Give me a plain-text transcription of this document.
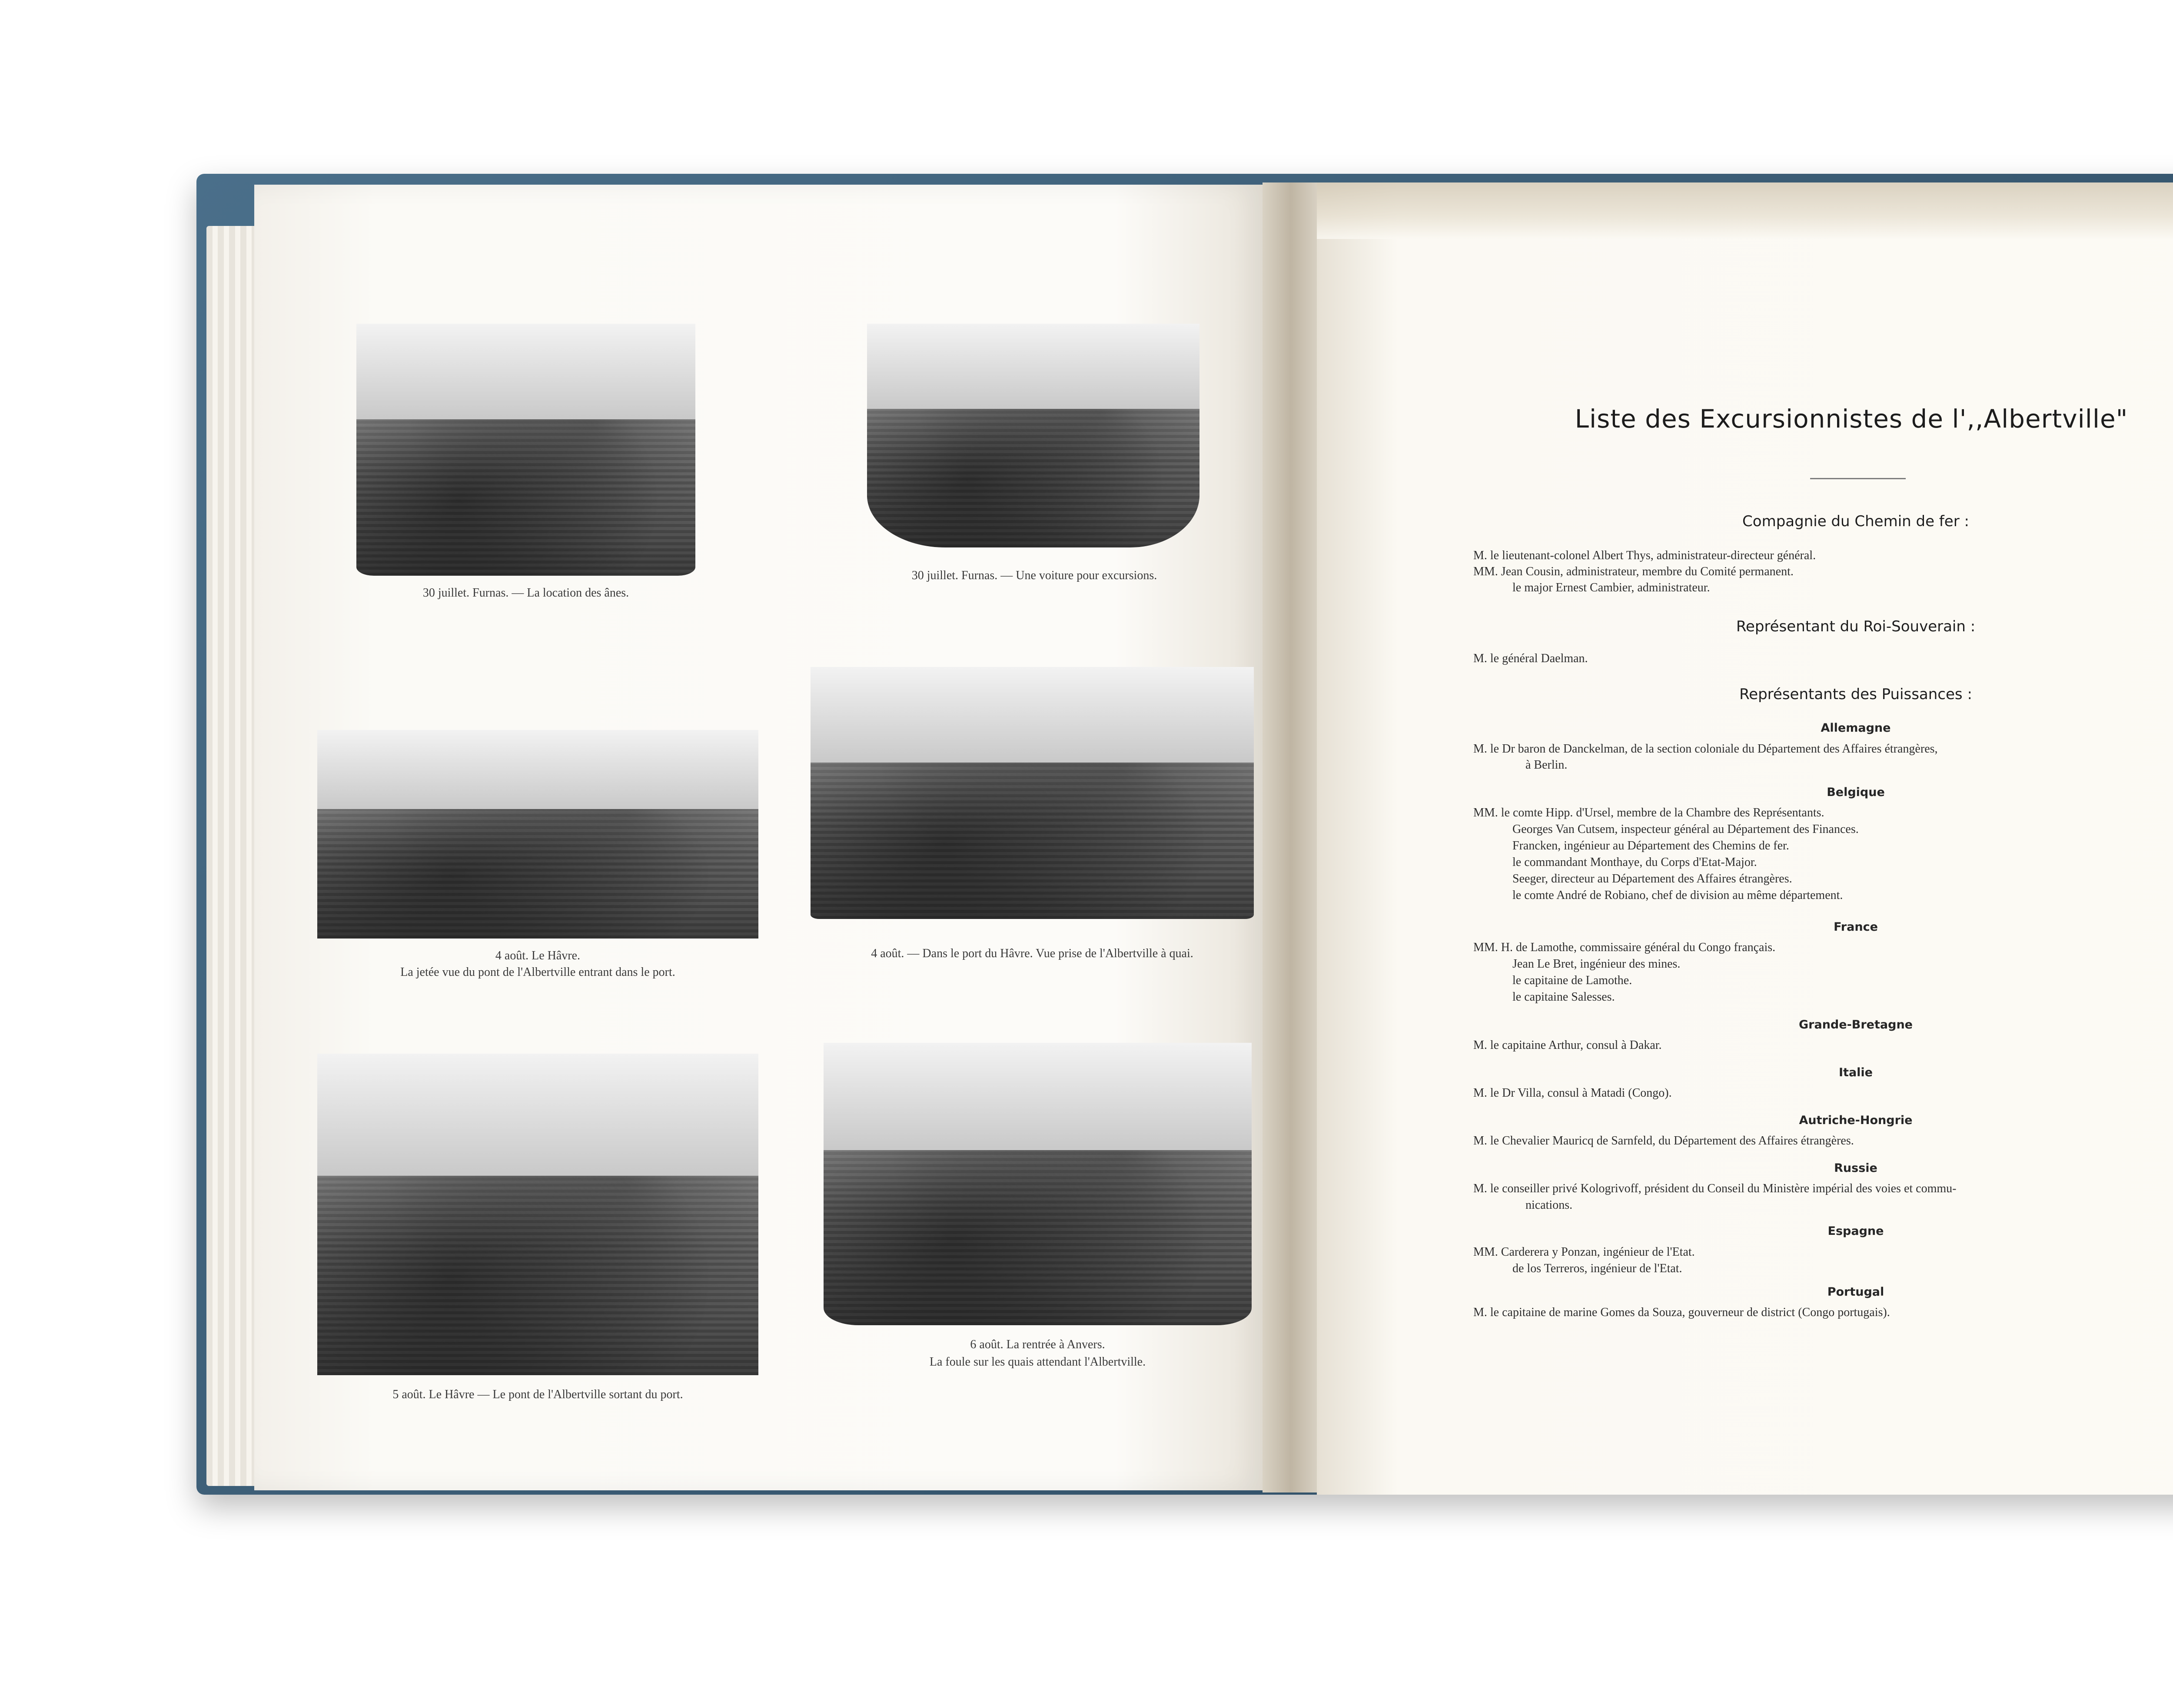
30 juillet. Furnas. — La location des ânes.
30 juillet. Furnas. — Une voiture pour excursions.
4 août. Le Hâvre.
La jetée vue du pont de l'Albertville entrant dans le port.
4 août. — Dans le port du Hâvre. Vue prise de l'Albertville à quai.
5 août. Le Hâvre — Le pont de l'Albertville sortant du port.
6 août. La rentrée à Anvers.
La foule sur les quais attendant l'Albertville.
Liste des Excursionnistes de l',,Albertville"
Compagnie du Chemin de fer :
M. le lieutenant-colonel Albert Thys, administrateur-directeur général.
MM. Jean Cousin, administrateur, membre du Comité permanent.
le major Ernest Cambier, administrateur.
Représentant du Roi-Souverain :
M. le général Daelman.
Représentants des Puissances :
Allemagne
M. le Dr baron de Danckelman, de la section coloniale du Département des Affaires étrangères,
à Berlin.
Belgique
MM. le comte Hipp. d'Ursel, membre de la Chambre des Représentants.
Georges Van Cutsem, inspecteur général au Département des Finances.
Francken, ingénieur au Département des Chemins de fer.
le commandant Monthaye, du Corps d'Etat-Major.
Seeger, directeur au Département des Affaires étrangères.
le comte André de Robiano, chef de division au même département.
France
MM. H. de Lamothe, commissaire général du Congo français.
Jean Le Bret, ingénieur des mines.
le capitaine de Lamothe.
le capitaine Salesses.
Grande-Bretagne
M. le capitaine Arthur, consul à Dakar.
Italie
M. le Dr Villa, consul à Matadi (Congo).
Autriche-Hongrie
M. le Chevalier Mauricq de Sarnfeld, du Département des Affaires étrangères.
Russie
M. le conseiller privé Kologrivoff, président du Conseil du Ministère impérial des voies et commu-
nications.
Espagne
MM. Carderera y Ponzan, ingénieur de l'Etat.
de los Terreros, ingénieur de l'Etat.
Portugal
M. le capitaine de marine Gomes da Souza, gouverneur de district (Congo portugais).
